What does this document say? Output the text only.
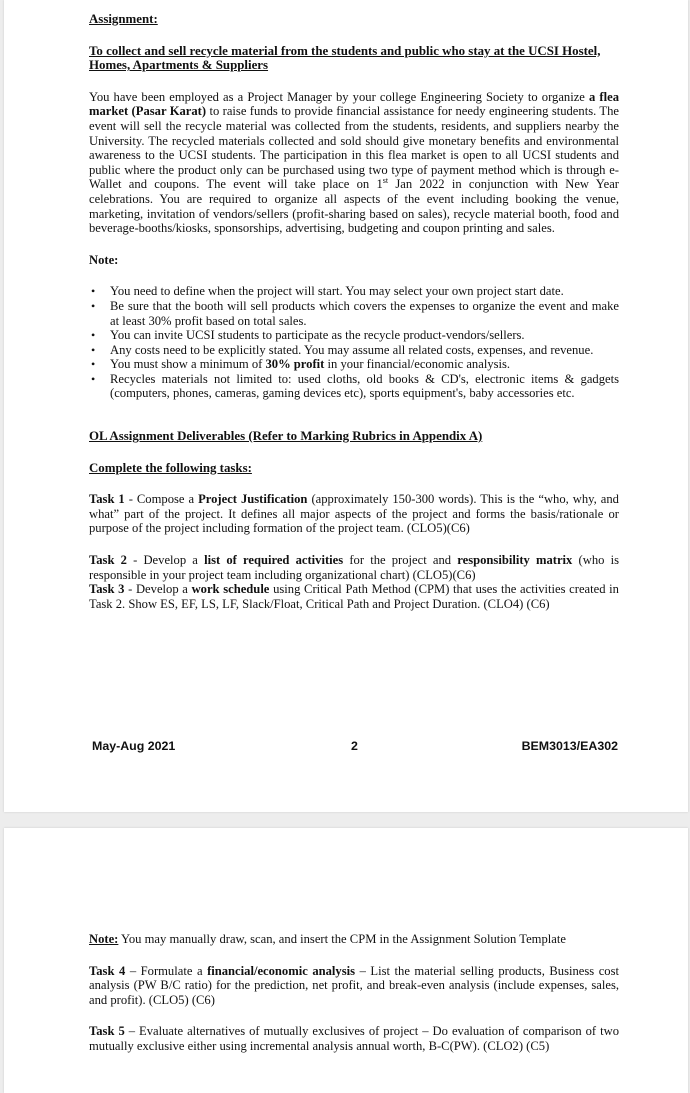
Assignment:

To collect and sell recycle material from the students and public who stay at the UCSI Hostel, Homes, Apartments & Suppliers

You have been employed as a Project Manager by your college Engineering Society to organize a flea market (Pasar Karat) to raise funds to provide financial assistance for needy engineering students. The event will sell the recycle material was collected from the students, residents, and suppliers nearby the University. The recycled materials collected and sold should give monetary benefits and environmental awareness to the UCSI students. The participation in this flea market is open to all UCSI students and public where the product only can be purchased using two type of payment method which is through e-Wallet and coupons. The event will take place on 1st Jan 2022 in conjunction with New Year celebrations. You are required to organize all aspects of the event including booking the venue, marketing, invitation of vendors/sellers (profit-sharing based on sales), recycle material booth, food and beverage-booths/kiosks, sponsorships, advertising, budgeting and coupon printing and sales.

Note:

• You need to define when the project will start. You may select your own project start date.
• Be sure that the booth will sell products which covers the expenses to organize the event and make at least 30% profit based on total sales.
• You can invite UCSI students to participate as the recycle product-vendors/sellers.
• Any costs need to be explicitly stated. You may assume all related costs, expenses, and revenue.
• You must show a minimum of 30% profit in your financial/economic analysis.
• Recycles materials not limited to: used cloths, old books & CD's, electronic items & gadgets (computers, phones, cameras, gaming devices etc), sports equipment's, baby accessories etc.

OL Assignment Deliverables (Refer to Marking Rubrics in Appendix A)

Complete the following tasks:

Task 1 - Compose a Project Justification (approximately 150-300 words). This is the “who, why, and what” part of the project. It defines all major aspects of the project and forms the basis/rationale or purpose of the project including formation of the project team. (CLO5)(C6)

Task 2 - Develop a list of required activities for the project and responsibility matrix (who is responsible in your project team including organizational chart) (CLO5)(C6)

Task 3 - Develop a work schedule using Critical Path Method (CPM) that uses the activities created in Task 2. Show ES, EF, LS, LF, Slack/Float, Critical Path and Project Duration. (CLO4) (C6)

May-Aug 2021	2	BEM3013/EA302

Note: You may manually draw, scan, and insert the CPM in the Assignment Solution Template

Task 4 – Formulate a financial/economic analysis – List the material selling products, Business cost analysis (PW B/C ratio) for the prediction, net profit, and break-even analysis (include expenses, sales, and profit). (CLO5) (C6)

Task 5 – Evaluate alternatives of mutually exclusives of project – Do evaluation of comparison of two mutually exclusive either using incremental analysis annual worth, B-C(PW). (CLO2) (C5)
